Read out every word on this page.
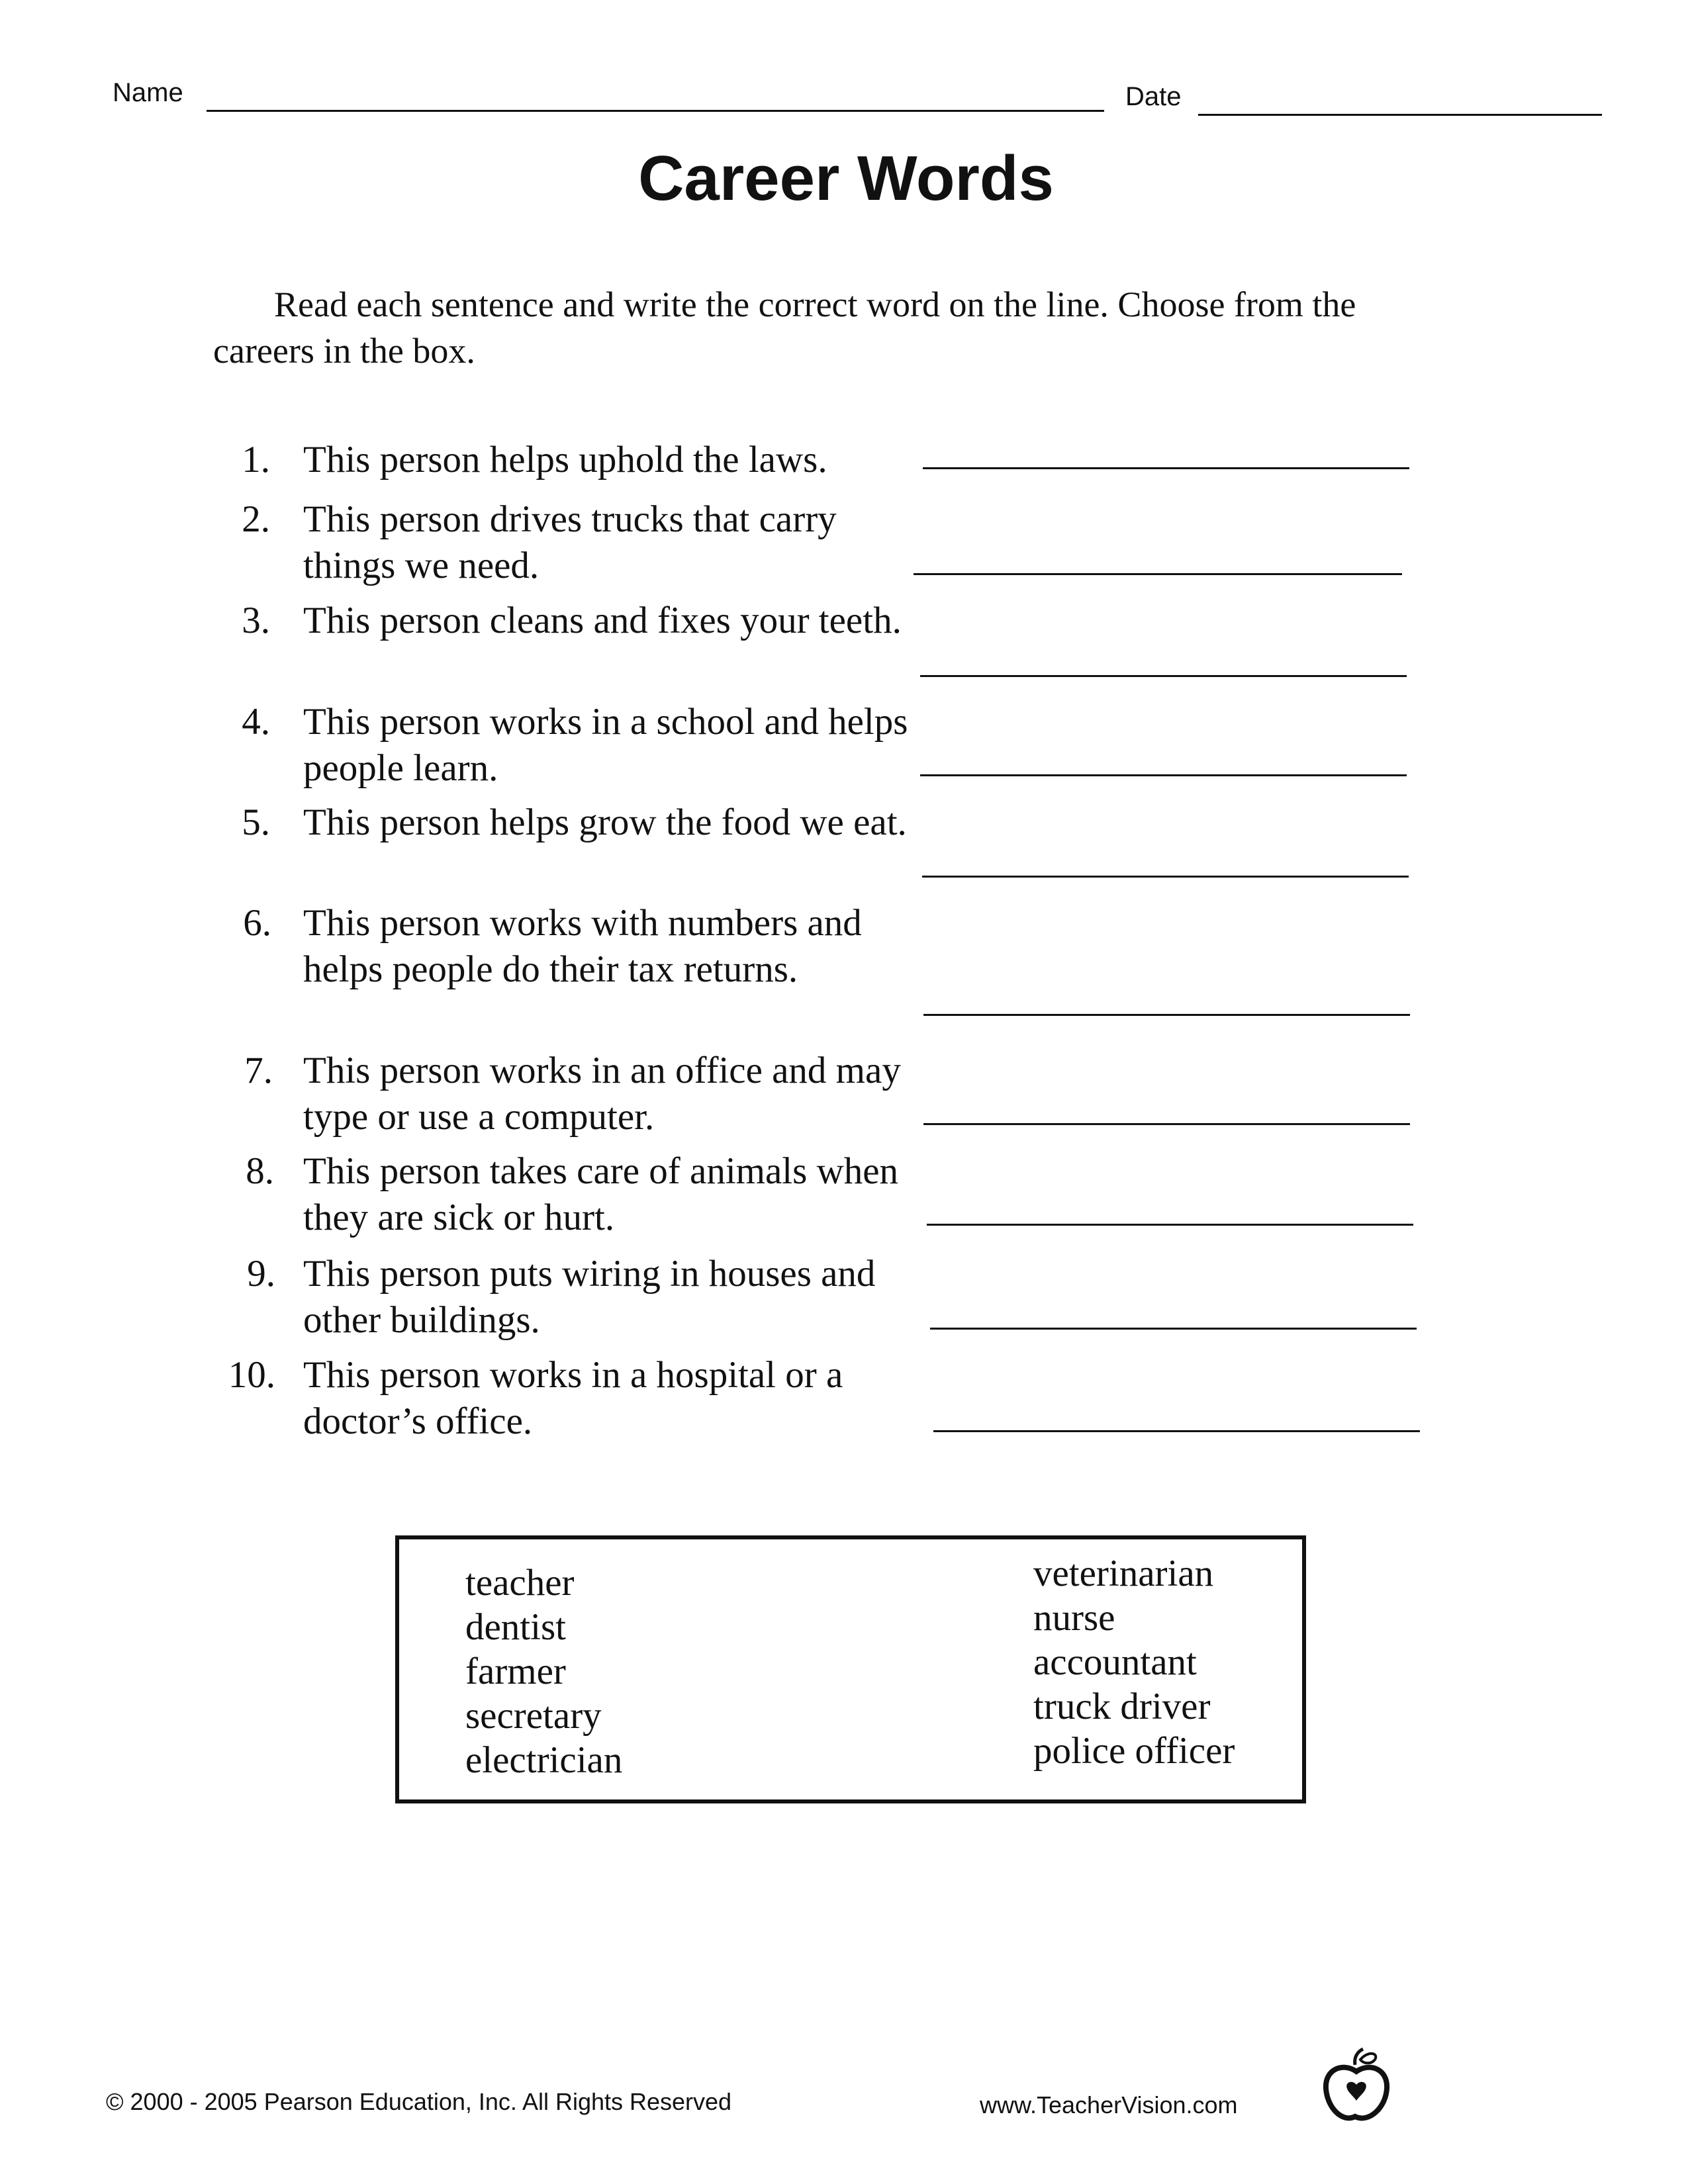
Name	Date
Career Words
Read each sentence and write the correct word on the line. Choose from the careers in the box.
1. This person helps uphold the laws.
2. This person drives trucks that carry things we need.
3. This person cleans and fixes your teeth.
4. This person works in a school and helps people learn.
5. This person helps grow the food we eat.
6. This person works with numbers and helps people do their tax returns.
7. This person works in an office and may type or use a computer.
8. This person takes care of animals when they are sick or hurt.
9. This person puts wiring in houses and other buildings.
10. This person works in a hospital or a doctor’s office.
teacher
dentist
farmer
secretary
electrician
veterinarian
nurse
accountant
truck driver
police officer
© 2000 - 2005 Pearson Education, Inc. All Rights Reserved	www.TeacherVision.com
